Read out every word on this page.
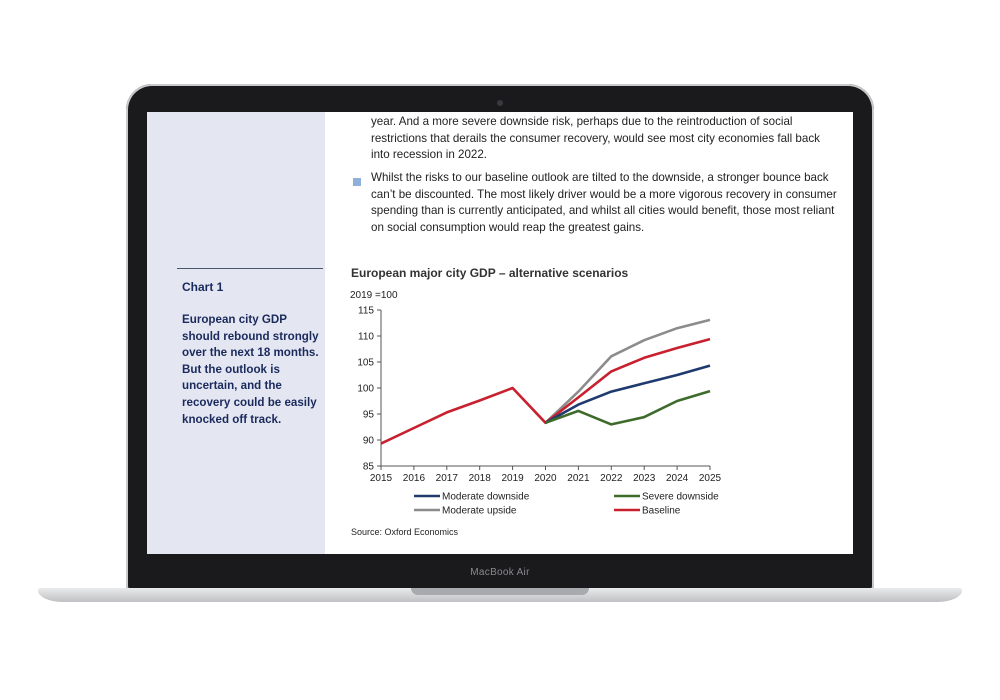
Chart 1
European city GDP should rebound strongly over the next 18 months. But the outlook is uncertain, and the recovery could be easily knocked off track.
year. And a more severe downside risk, perhaps due to the reintroduction of social restrictions that derails the consumer recovery, would see most city economies fall back into recession in 2022.
Whilst the risks to our baseline outlook are tilted to the downside, a stronger bounce back can’t be discounted. The most likely driver would be a more vigorous recovery in consumer spending than is currently anticipated, and whilst all cities would benefit, those most reliant on social consumption would reap the greatest gains.
European major city GDP – alternative scenarios
2019 =100
85
90
95
100
105
110
115
2015 2016 2017 2018 2019 2020 2021 2022 2023 2024 2025
Moderate downside	Severe downside
Moderate upside	Baseline
Source: Oxford Economics
MacBook Air
